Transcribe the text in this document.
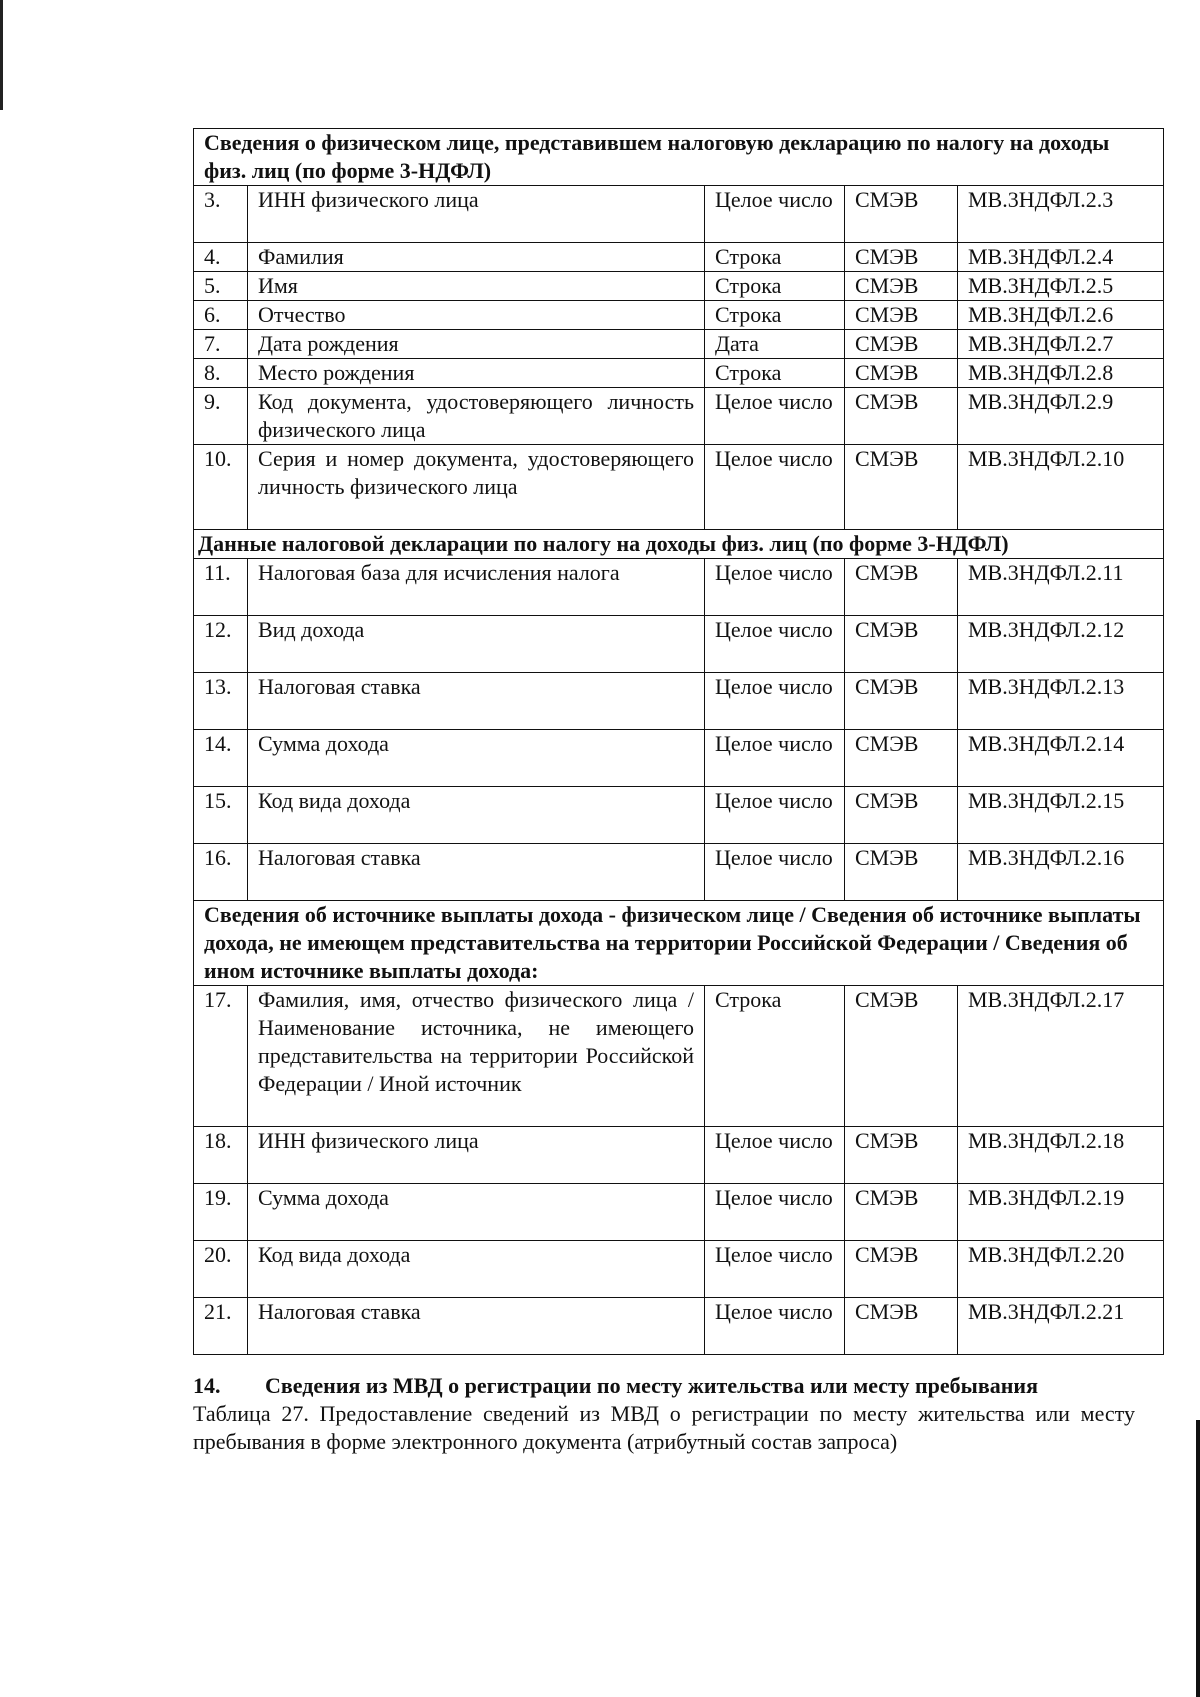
Сведения о физическом лице, представившем налоговую декларацию по налогу на доходы физ. лиц (по форме 3-НДФЛ)				
3.	ИНН физического лица	Целое число	СМЭВ	МВ.3НДФЛ.2.3
4.	Фамилия	Строка	СМЭВ	МВ.3НДФЛ.2.4
5.	Имя	Строка	СМЭВ	МВ.3НДФЛ.2.5
6.	Отчество	Строка	СМЭВ	МВ.3НДФЛ.2.6
7.	Дата рождения	Дата	СМЭВ	МВ.3НДФЛ.2.7
8.	Место рождения	Строка	СМЭВ	МВ.3НДФЛ.2.8
9.	Код документа, удостоверяющего личность физического лица	Целое число	СМЭВ	МВ.3НДФЛ.2.9
10.	Серия и номер документа, удостоверяющего личность физического лица	Целое число	СМЭВ	МВ.3НДФЛ.2.10
Данные налоговой декларации по налогу на доходы физ. лиц (по форме 3-НДФЛ)				
11.	Налоговая база для исчисления налога	Целое число	СМЭВ	МВ.3НДФЛ.2.11
12.	Вид дохода	Целое число	СМЭВ	МВ.3НДФЛ.2.12
13.	Налоговая ставка	Целое число	СМЭВ	МВ.3НДФЛ.2.13
14.	Сумма дохода	Целое число	СМЭВ	МВ.3НДФЛ.2.14
15.	Код вида дохода	Целое число	СМЭВ	МВ.3НДФЛ.2.15
16.	Налоговая ставка	Целое число	СМЭВ	МВ.3НДФЛ.2.16
Сведения об источнике выплаты дохода - физическом лице / Сведения об источнике выплаты дохода, не имеющем представительства на территории Российской Федерации / Сведения об ином источнике выплаты дохода:				
17.	Фамилия, имя, отчество физического лица / Наименование источника, не имеющего представительства на территории Российской Федерации / Иной источник	Строка	СМЭВ	МВ.3НДФЛ.2.17
18.	ИНН физического лица	Целое число	СМЭВ	МВ.3НДФЛ.2.18
19.	Сумма дохода	Целое число	СМЭВ	МВ.3НДФЛ.2.19
20.	Код вида дохода	Целое число	СМЭВ	МВ.3НДФЛ.2.20
21.	Налоговая ставка	Целое число	СМЭВ	МВ.3НДФЛ.2.21
14.	Сведения из МВД о регистрации по месту жительства или месту пребывания
Таблица 27. Предоставление сведений из МВД о регистрации по месту жительства или месту пребывания в форме электронного документа (атрибутный состав запроса)
